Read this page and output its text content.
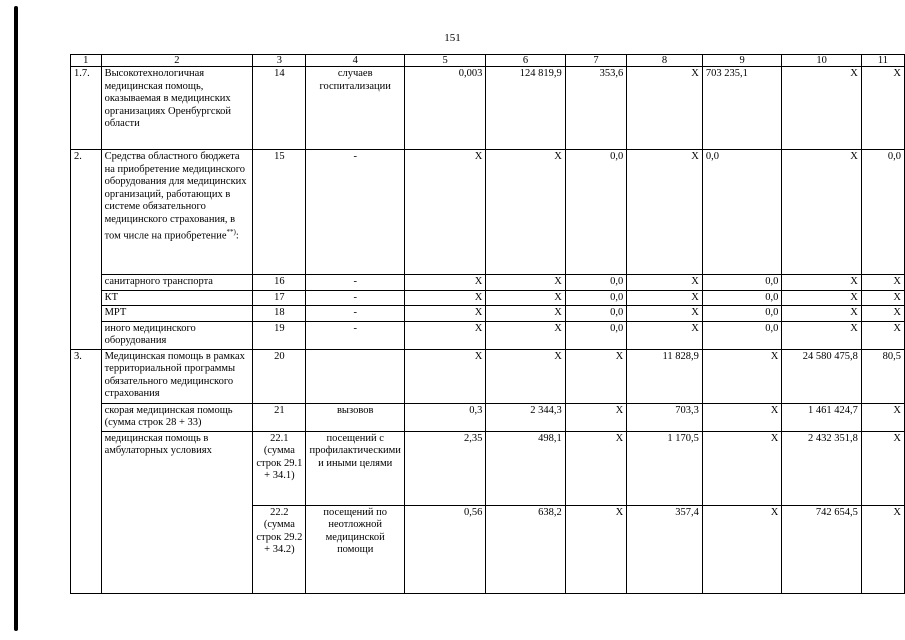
151
1	2	3	4	5	6	7	8	9	10	11
1.7.	Высокотехнологичная медицинская помощь, оказываемая в медицинских организациях Оренбургской области	14	случаев госпитализации	0,003	124 819,9	353,6	Х	703 235,1	Х	Х
2.	Средства областного бюджета на приобретение медицинского оборудования для медицинских организаций, работающих в системе обязательного медицинского страхования, в том числе на приобретение**):	15	-	Х	Х	0,0	Х	0,0	Х	0,0
	санитарного транспорта	16	-	Х	Х	0,0	Х	0,0	Х	Х
	КТ	17	-	Х	Х	0,0	Х	0,0	Х	Х
	МРТ	18	-	Х	Х	0,0	Х	0,0	Х	Х
	иного медицинского оборудования	19	-	Х	Х	0,0	Х	0,0	Х	Х
3.	Медицинская помощь в рамках территориальной программы обязательного медицинского страхования	20		Х	Х	Х	11 828,9	Х	24 580 475,8	80,5
	скорая медицинская помощь (сумма строк 28 + 33)	21	вызовов	0,3	2 344,3	Х	703,3	Х	1 461 424,7	Х
	медицинская помощь в амбулаторных условиях	22.1 (сумма строк 29.1 + 34.1)	посещений с профилактическими и иными целями	2,35	498,1	Х	1 170,5	Х	2 432 351,8	Х
		22.2 (сумма строк 29.2 + 34.2)	посещений по неотложной медицинской помощи	0,56	638,2	Х	357,4	Х	742 654,5	Х
